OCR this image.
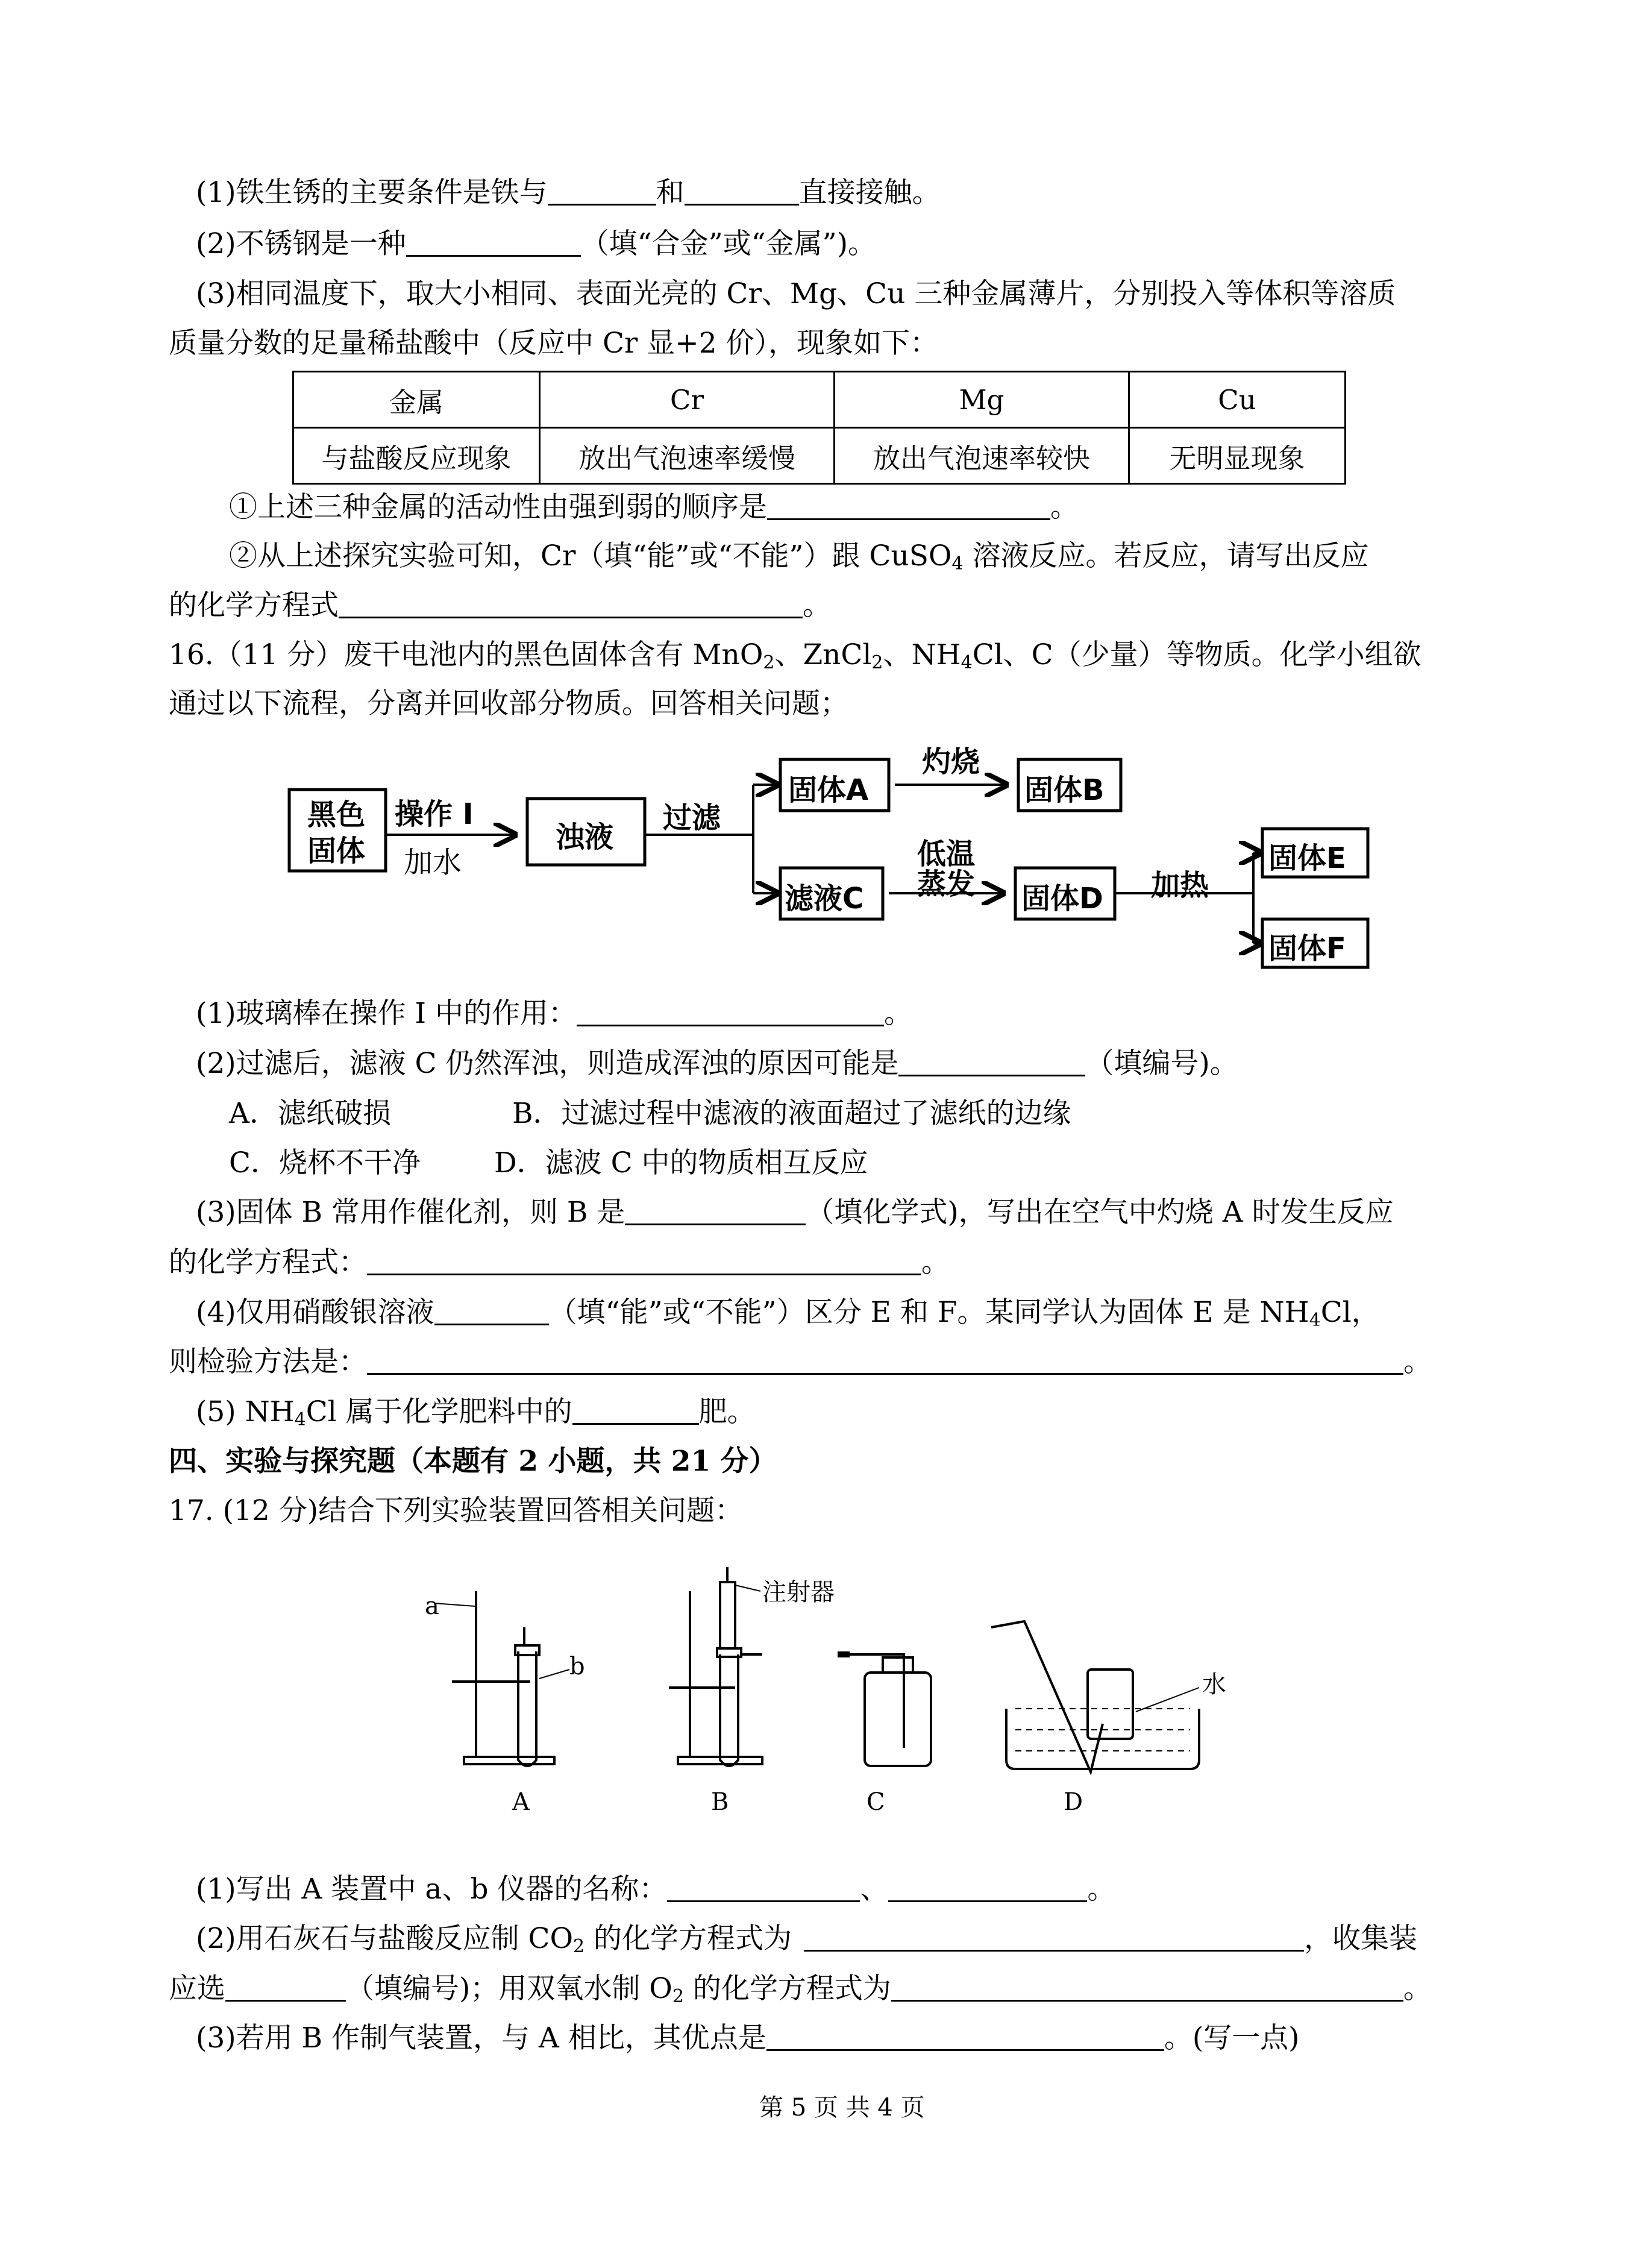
(1)铁生锈的主要条件是铁与	和	直接接触。
(2)不锈钢是一种	（填“合金”或“金属”)。
(3)相同温度下，取大小相同、表面光亮的 Cr、Mg、Cu 三种金属薄片，分别投入等体积等溶质
质量分数的足量稀盐酸中（反应中 Cr 显+2 价），现象如下：
金属	Cr	Mg	Cu
与盐酸反应现象	放出气泡速率缓慢	放出气泡速率较快	无明显现象
①上述三种金属的活动性由强到弱的顺序是	。
②从上述探究实验可知，Cr（填“能”或“不能”）跟 CuSO$_4$ 溶液反应。若反应，请写出反应
的化学方程式	。
16.（11 分）废干电池内的黑色固体含有 MnO$_2$、ZnCl$_2$、$NH_4Cl$、C（少量）等物质。化学小组欲
通过以下流程，分离并回收部分物质。回答相关问题；
黑色
固体
操作 I
加水
浊液
过滤
固体A
灼烧
固体B
滤液C
低温
蒸发 固体D 加热
固体E
固体F
(1)玻璃棒在操作 I 中的作用：	。
(2)过滤后，滤液 C 仍然浑浊，则造成浑浊的原因可能是	（填编号)。
A．滤纸破损	B．过滤过程中滤液的液面超过了滤纸的边缘
C．烧杯不干净	D．滤波 C 中的物质相互反应
(3)固体 B 常用作催化剂，则 B 是	（填化学式)，写出在空气中灼烧 A 时发生反应
的化学方程式：	。
(4)仅用硝酸银溶液	（填“能”或“不能”）区分 E 和 F。某同学认为固体 E 是 $NH_4Cl$，
则检验方法是：	。
(5) $NH_4Cl$ 属于化学肥料中的	肥。
四、实验与探究题（本题有 2 小题，共 21 分）
17. (12 分)结合下列实验装置回答相关问题：
a
b
注射器
水
A	B	C	D
(1)写出 A 装置中 a、b 仪器的名称：	、	。
(2)用石灰石与盐酸反应制 $CO_2$ 的化学方程式为	，收集装
应选	（填编号)；用双氧水制 $O_2$ 的化学方程式为	。
(3)若用 B 作制气装置，与 A 相比，其优点是	。(写一点)
第 5 页 共 4 页
